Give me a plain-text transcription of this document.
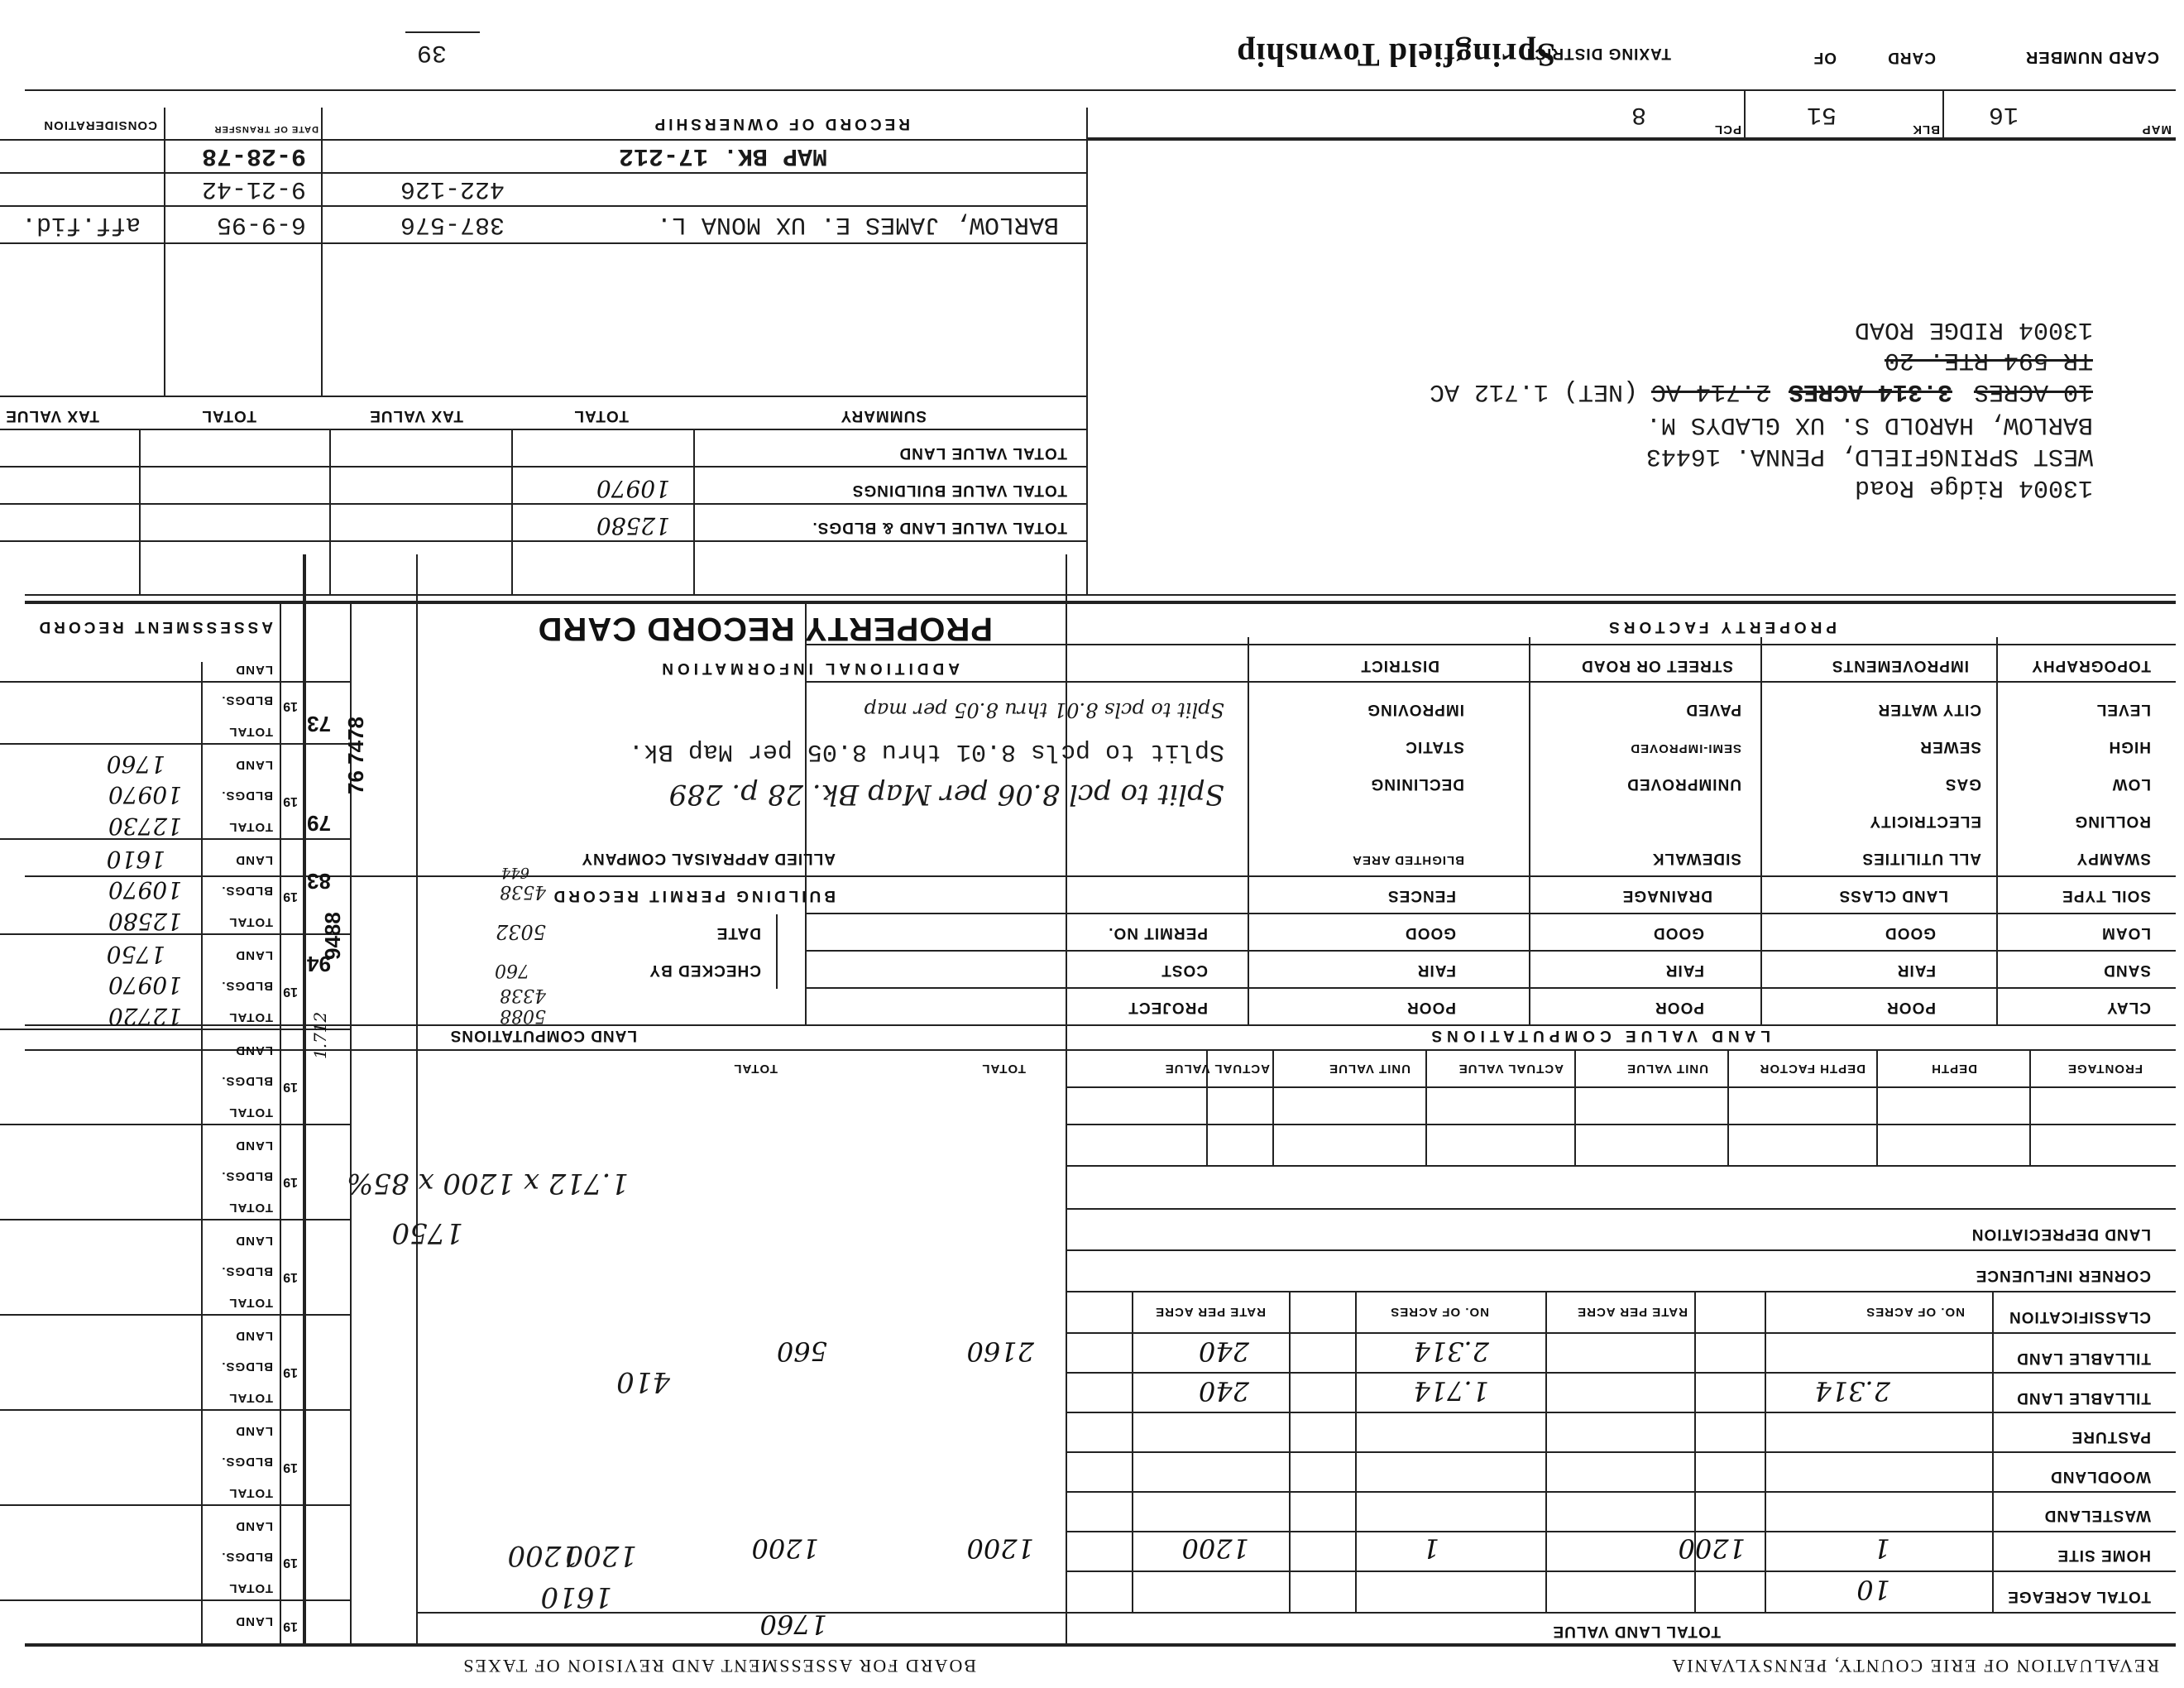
REVALUATION OF ERIE COUNTY, PENNSYLVANIA
BOARD FOR ASSESSMENT AND REVISION OF TAXES
TOTAL LAND VALUE
TOTAL ACREAGE
HOME SITE
WASTELAND
WOODLAND
PASTURE
TILLABLE LAND
TILLABLE LAND
CLASSIFICATION
CORNER INFLUENCE
LAND DEPRECIATION
NO. OF ACRES
RATE PER ACRE
NO. OF ACRES
RATE PER ACRE
10
1
1200
1
1200
1200
1200
2.314
1.714
240
2.314
240
2160
560
1760
FRONTAGE
DEPTH
DEPTH FACTOR
UNIT VALUE
ACTUAL VALUE
UNIT VALUE
ACTUAL VALUE
TOTAL
TOTAL
LAND VALUE COMPUTATIONS
LAND COMPUTATIONS
1610
1200
1200
410
1750
1.712 x 1200 x 85%
CLAY
SAND
LOAM
SOIL TYPE
POOR
FAIR
GOOD
LAND CLASS
POOR
FAIR
GOOD
DRAINAGE
POOR
FAIR
GOOD
FENCES
SWAMPY
ROLLING
LOW
HIGH
LEVEL
ALL UTILITIES
ELECTRICITY
GAS
SEWER
CITY WATER
SIDEWALK
UNIMPROVED
SEMI-IMPROVED
PAVED
BLIGHTED AREA
DECLINING
STATIC
IMPROVING
TOPOGRAPHY
IMPROVEMENTS
STREET OR ROAD
DISTRICT
PROPERTY FACTORS
PROJECT
COST
PERMIT NO.
CHECKED BY
DATE
BUILDING PERMIT RECORD
ALLIED APPRAISAL COMPANY
Split to pcl 8.06 per Map Bk. 28 p. 289
Split to pcls 8.01 thru 8.05 per Map Bk.
Split to pcls 8.01 thru 8.05 per map
ADDITIONAL INFORMATION
PROPERTY RECORD CARD
ASSESSMENT RECORD
LAND
BLDGS.
TOTAL
19
73
LAND
BLDGS.
TOTAL
19
79
1760
10970
12730
LAND
BLDGS.
TOTAL
19
83
1610
10970
12580
LAND
BLDGS.
TOTAL
19
94
1750
10970
12720
LAND
BLDGS.
TOTAL
19
LAND
BLDGS.
TOTAL
19
LAND
BLDGS.
TOTAL
19
LAND
BLDGS.
TOTAL
19
LAND
BLDGS.
TOTAL
19
LAND
BLDGS.
TOTAL
19
LAND 19
76 7478
9488
1.712	5088
4338
760
5032
4538
644
13004 RIDGE ROAD
TR 594 RTE. 20
10 ACRES
3.314 ACRES
2.714 AC
(NET) 1.712 AC
BARLOW, HAROLD S. UX GLADYS M.
WEST SPRINGFIELD, PENNA. 16443
13004 Ridge Road
TOTAL VALUE LAND & BLDGS.
TOTAL VALUE BUILDINGS
TOTAL VALUE LAND
SUMMARY
TOTAL
TAX VALUE
TOTAL
TAX VALUE
12580
10970
BARLOW, JAMES E. UX MONA L.
387-576
6-9-95
aff.fid.
422-126
9-21-42
MAP BK. 17-212
9-28-78
RECORD OF OWNERSHIP
DATE OF TRANSFER
CONSIDERATION	MAP
BLK
PCL
16
51
8
CARD NUMBER
CARD
OF
TAXING DISTRICT
Springfield Township
39
